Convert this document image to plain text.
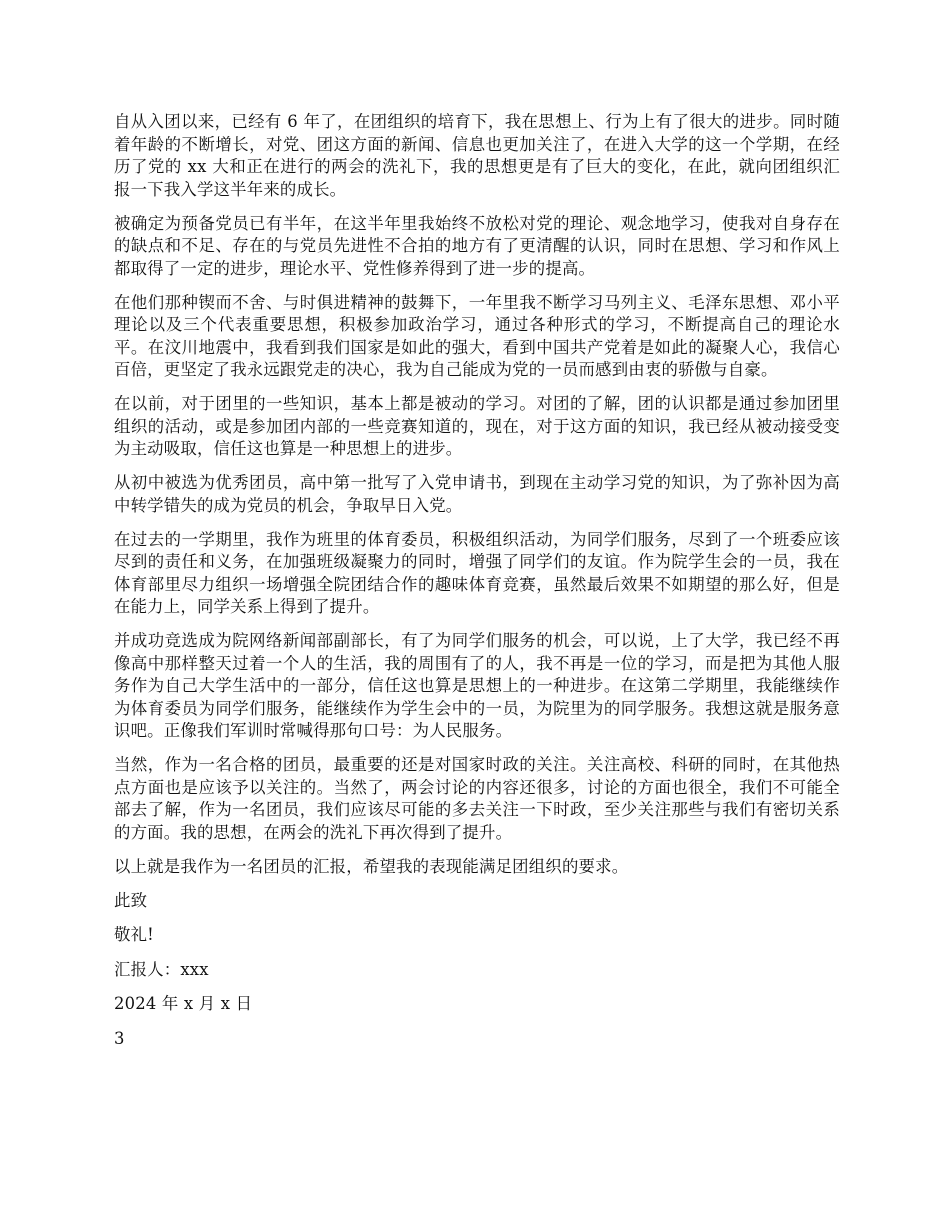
自从入团以来，已经有 6 年了，在团组织的培育下，我在思想上、行为上有了很大的进步。同时随着年龄的不断增长，对党、团这方面的新闻、信息也更加关注了，在进入大学的这一个学期，在经历了党的 xx 大和正在进行的两会的洗礼下，我的思想更是有了巨大的变化，在此，就向团组织汇报一下我入学这半年来的成长。

被确定为预备党员已有半年，在这半年里我始终不放松对党的理论、观念地学习，使我对自身存在的缺点和不足、存在的与党员先进性不合拍的地方有了更清醒的认识，同时在思想、学习和作风上都取得了一定的进步，理论水平、党性修养得到了进一步的提高。

在他们那种锲而不舍、与时俱进精神的鼓舞下，一年里我不断学习马列主义、毛泽东思想、邓小平理论以及三个代表重要思想，积极参加政治学习，通过各种形式的学习，不断提高自己的理论水平。在汶川地震中，我看到我们国家是如此的强大，看到中国共产党着是如此的凝聚人心，我信心百倍，更坚定了我永远跟党走的决心，我为自己能成为党的一员而感到由衷的骄傲与自豪。

在以前，对于团里的一些知识，基本上都是被动的学习。对团的了解，团的认识都是通过参加团里组织的活动，或是参加团内部的一些竞赛知道的，现在，对于这方面的知识，我已经从被动接受变为主动吸取，信任这也算是一种思想上的进步。

从初中被选为优秀团员，高中第一批写了入党申请书，到现在主动学习党的知识，为了弥补因为高中转学错失的成为党员的机会，争取早日入党。

在过去的一学期里，我作为班里的体育委员，积极组织活动，为同学们服务，尽到了一个班委应该尽到的责任和义务，在加强班级凝聚力的同时，增强了同学们的友谊。作为院学生会的一员，我在体育部里尽力组织一场增强全院团结合作的趣味体育竞赛，虽然最后效果不如期望的那么好，但是在能力上，同学关系上得到了提升。

并成功竞选成为院网络新闻部副部长，有了为同学们服务的机会，可以说，上了大学，我已经不再像高中那样整天过着一个人的生活，我的周围有了的人，我不再是一位的学习，而是把为其他人服务作为自己大学生活中的一部分，信任这也算是思想上的一种进步。在这第二学期里，我能继续作为体育委员为同学们服务，能继续作为学生会中的一员，为院里为的同学服务。我想这就是服务意识吧。正像我们军训时常喊得那句口号：为人民服务。

当然，作为一名合格的团员，最重要的还是对国家时政的关注。关注高校、科研的同时，在其他热点方面也是应该予以关注的。当然了，两会讨论的内容还很多，讨论的方面也很全，我们不可能全部去了解，作为一名团员，我们应该尽可能的多去关注一下时政，至少关注那些与我们有密切关系的方面。我的思想，在两会的洗礼下再次得到了提升。

以上就是我作为一名团员的汇报，希望我的表现能满足团组织的要求。

此致

敬礼!

汇报人：xxx

2024 年 x 月 x 日

3
